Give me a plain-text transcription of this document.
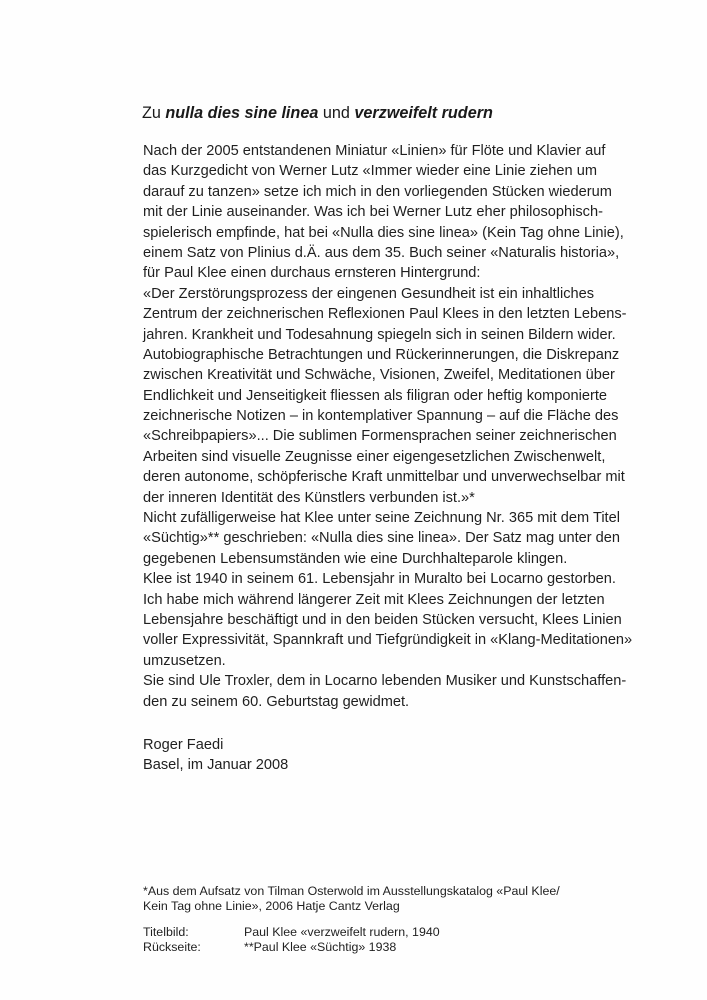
Zu nulla dies sine linea und verzweifelt rudern
Nach der 2005 entstandenen Miniatur «Linien» für Flöte und Klavier auf
das Kurzgedicht von Werner Lutz «Immer wieder eine Linie ziehen um
darauf zu tanzen» setze ich mich in den vorliegenden Stücken wiederum
mit der Linie auseinander. Was ich bei Werner Lutz eher philosophisch-
spielerisch empfinde, hat bei «Nulla dies sine linea» (Kein Tag ohne Linie),
einem Satz von Plinius d.Ä. aus dem 35. Buch seiner «Naturalis historia»,
für Paul Klee einen durchaus ernsteren Hintergrund:
«Der Zerstörungsprozess der eingenen Gesundheit ist ein inhaltliches
Zentrum der zeichnerischen Reflexionen Paul Klees in den letzten Lebens-
jahren. Krankheit und Todesahnung spiegeln sich in seinen Bildern wider.
Autobiographische Betrachtungen und Rückerinnerungen, die Diskrepanz
zwischen Kreativität und Schwäche, Visionen, Zweifel, Meditationen über
Endlichkeit und Jenseitigkeit fliessen als filigran oder heftig komponierte
zeichnerische Notizen – in kontemplativer Spannung – auf die Fläche des
«Schreibpapiers»... Die sublimen Formensprachen seiner zeichnerischen
Arbeiten sind visuelle Zeugnisse einer eigengesetzlichen Zwischenwelt,
deren autonome, schöpferische Kraft unmittelbar und unverwechselbar mit
der inneren Identität des Künstlers verbunden ist.»*
Nicht zufälligerweise hat Klee unter seine Zeichnung Nr. 365 mit dem Titel
«Süchtig»** geschrieben: «Nulla dies sine linea». Der Satz mag unter den
gegebenen Lebensumständen wie eine Durchhalteparole klingen.
Klee ist 1940 in seinem 61. Lebensjahr in Muralto bei Locarno gestorben.
Ich habe mich während längerer Zeit mit Klees Zeichnungen der letzten
Lebensjahre beschäftigt und in den beiden Stücken versucht, Klees Linien
voller Expressivität, Spannkraft und Tiefgründigkeit in «Klang-Meditationen»
umzusetzen.
Sie sind Ule Troxler, dem in Locarno lebenden Musiker und Kunstschaffen-
den zu seinem 60. Geburtstag gewidmet.
Roger Faedi
Basel, im Januar 2008
*Aus dem Aufsatz von Tilman Osterwold im Ausstellungskatalog «Paul Klee/
Kein Tag ohne Linie», 2006 Hatje Cantz Verlag
Titelbild:	Paul Klee «verzweifelt rudern, 1940
Rückseite:	**Paul Klee «Süchtig» 1938
